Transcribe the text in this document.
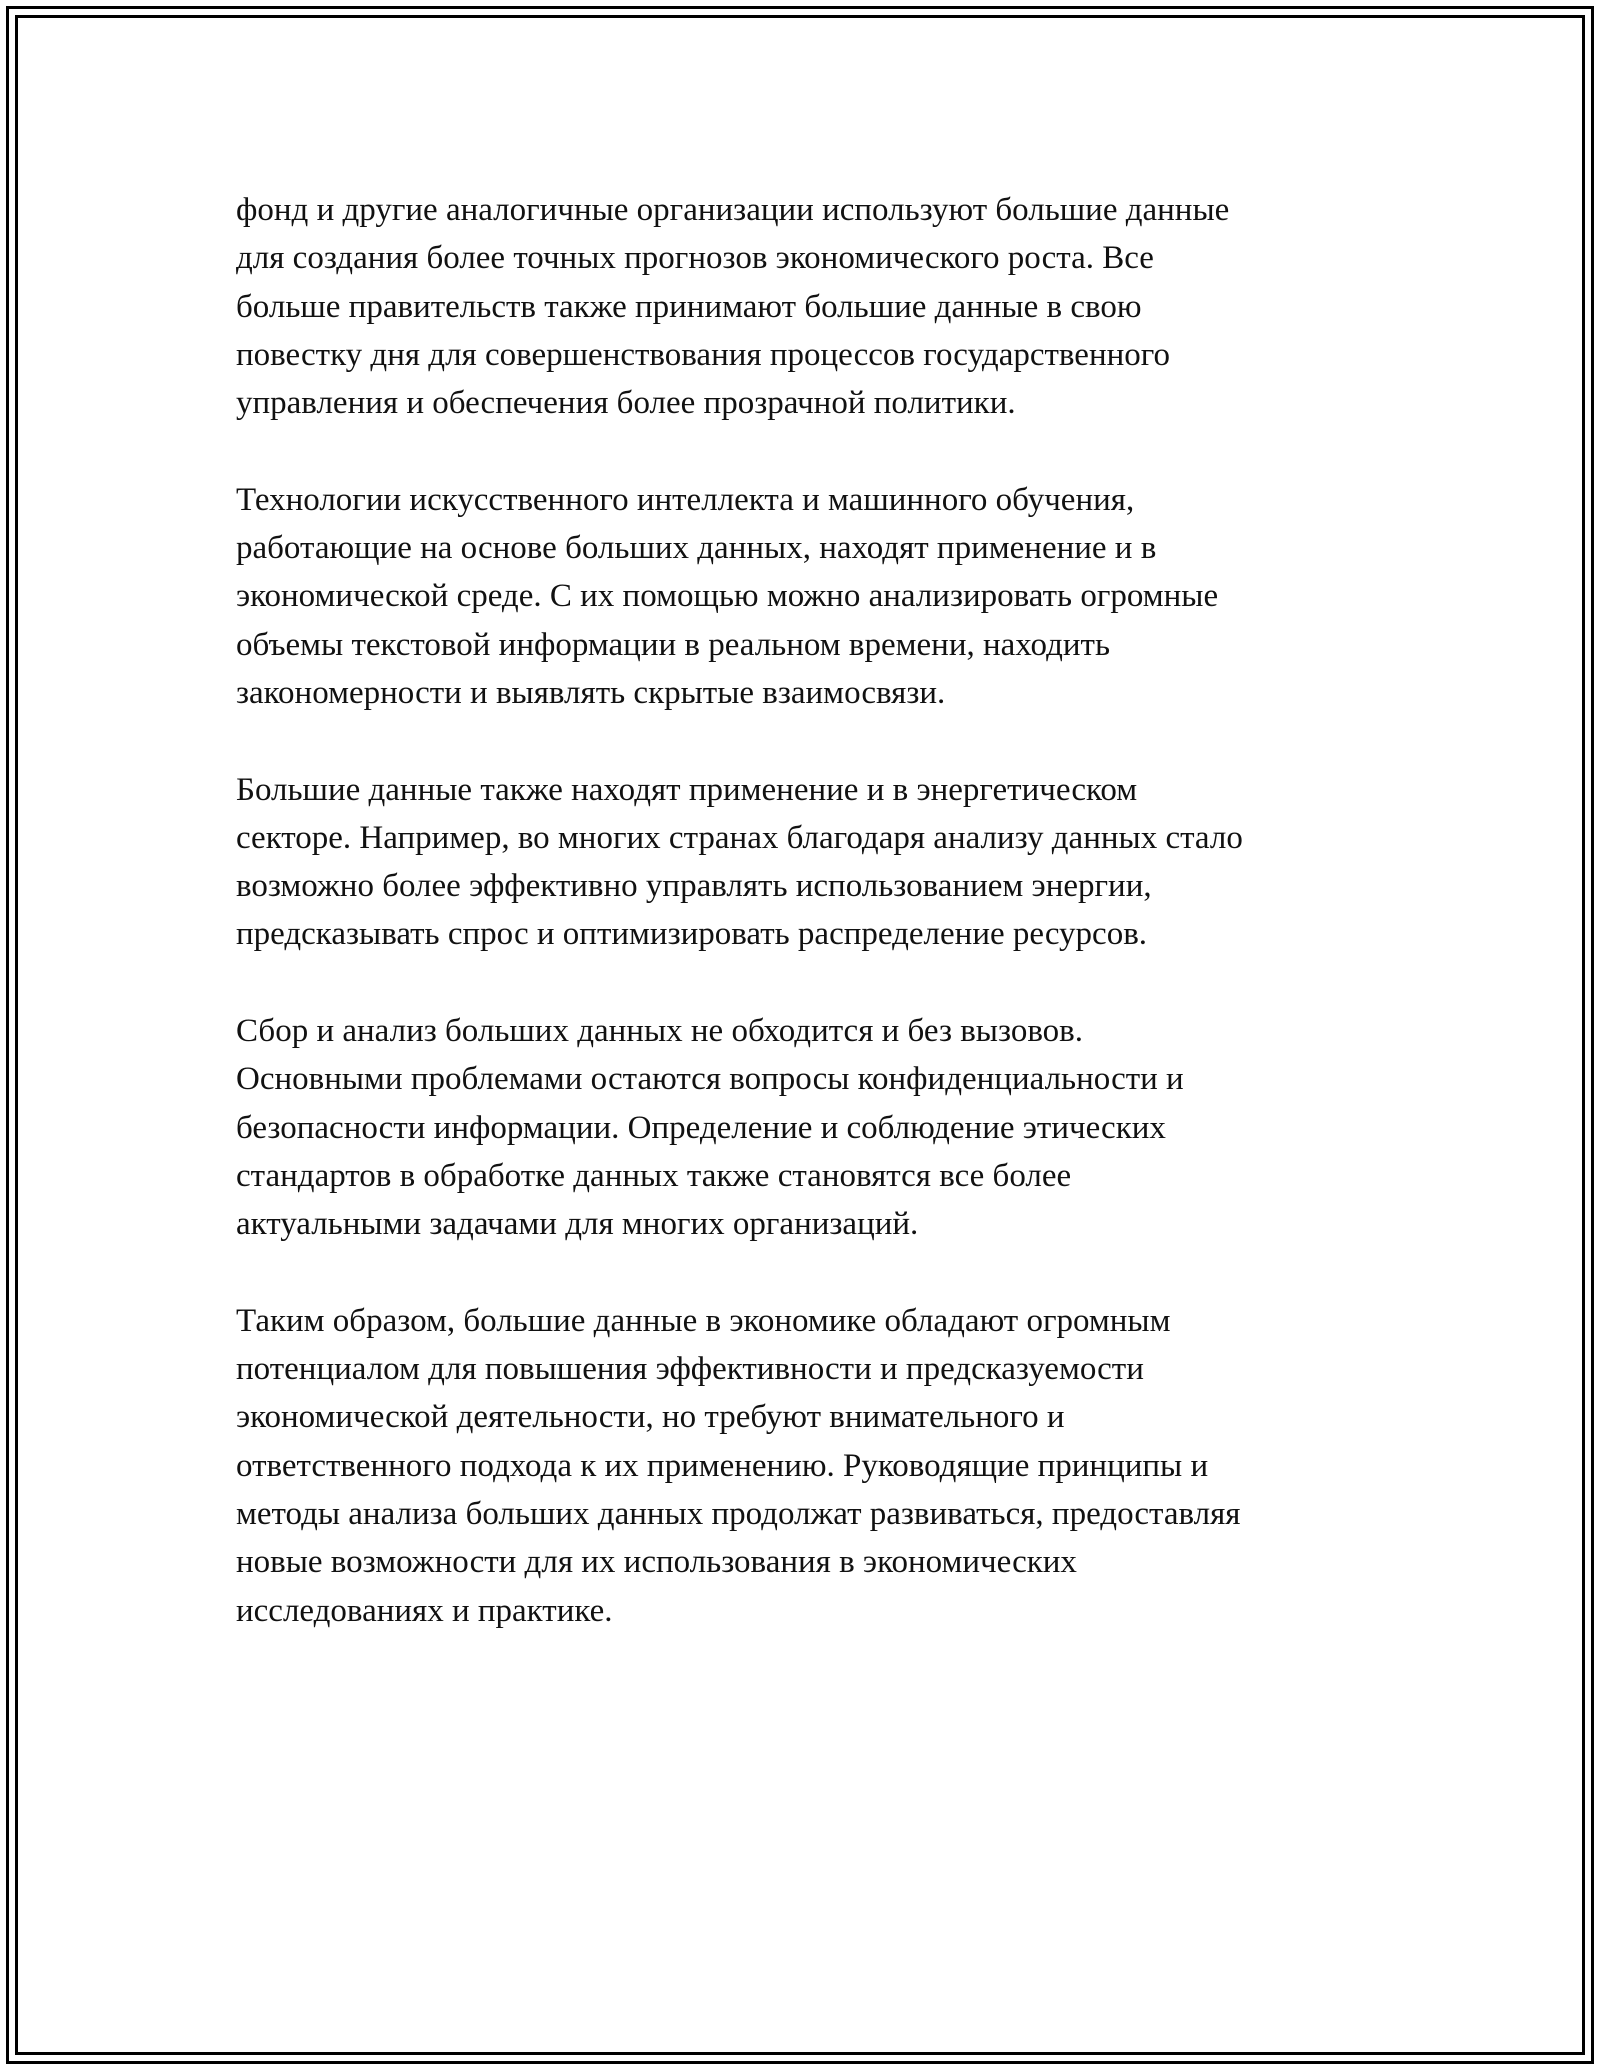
фонд и другие аналогичные организации используют большие данные
для создания более точных прогнозов экономического роста. Все
больше правительств также принимают большие данные в свою
повестку дня для совершенствования процессов государственного
управления и обеспечения более прозрачной политики.

Технологии искусственного интеллекта и машинного обучения,
работающие на основе больших данных, находят применение и в
экономической среде. С их помощью можно анализировать огромные
объемы текстовой информации в реальном времени, находить
закономерности и выявлять скрытые взаимосвязи.

Большие данные также находят применение и в энергетическом
секторе. Например, во многих странах благодаря анализу данных стало
возможно более эффективно управлять использованием энергии,
предсказывать спрос и оптимизировать распределение ресурсов.

Сбор и анализ больших данных не обходится и без вызовов.
Основными проблемами остаются вопросы конфиденциальности и
безопасности информации. Определение и соблюдение этических
стандартов в обработке данных также становятся все более
актуальными задачами для многих организаций.

Таким образом, большие данные в экономике обладают огромным
потенциалом для повышения эффективности и предсказуемости
экономической деятельности, но требуют внимательного и
ответственного подхода к их применению. Руководящие принципы и
методы анализа больших данных продолжат развиваться, предоставляя
новые возможности для их использования в экономических
исследованиях и практике.
